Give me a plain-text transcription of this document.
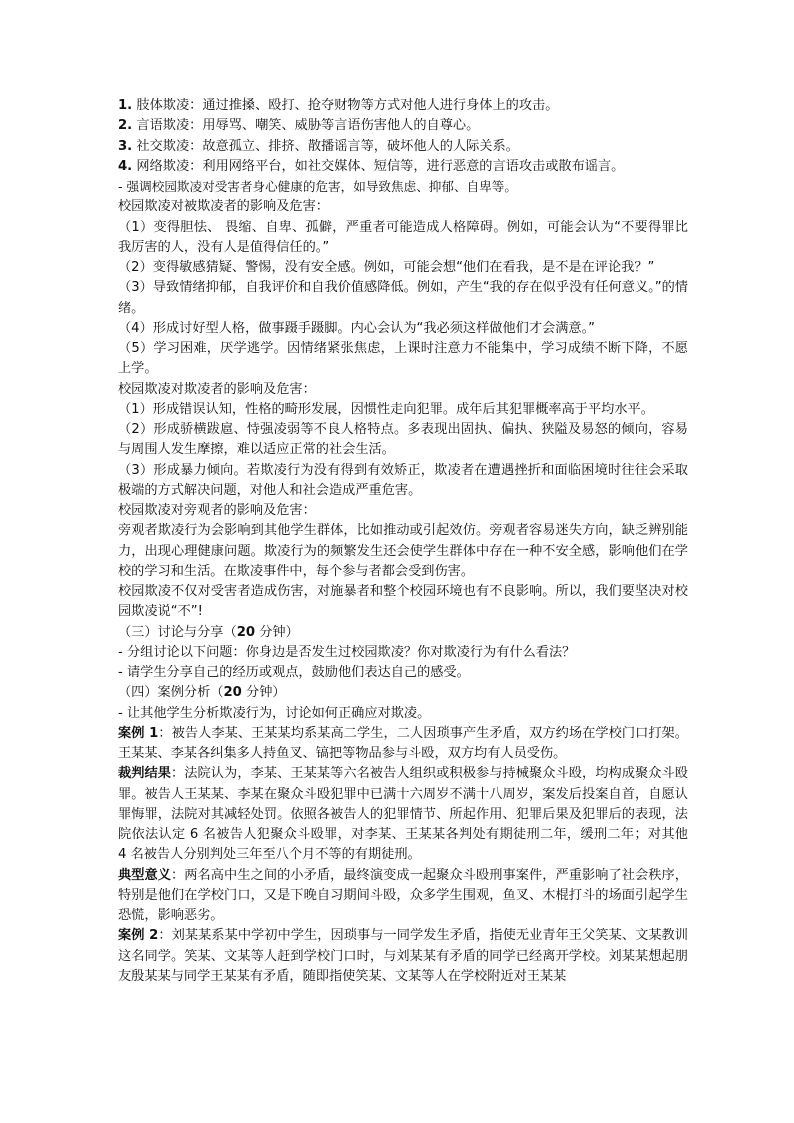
1. 肢体欺凌：通过推搡、殴打、抢夺财物等方式对他人进行身体上的攻击。

2. 言语欺凌：用辱骂、嘲笑、威胁等言语伤害他人的自尊心。

3. 社交欺凌：故意孤立、排挤、散播谣言等，破坏他人的人际关系。

4. 网络欺凌：利用网络平台，如社交媒体、短信等，进行恶意的言语攻击或散布谣言。

- 强调校园欺凌对受害者身心健康的危害，如导致焦虑、抑郁、自卑等。

校园欺凌对被欺凌者的影响及危害：

（1）变得胆怯、 畏缩、自卑、孤僻，严重者可能造成人格障碍。例如，可能会认为“不要得罪比我厉害的人，没有人是值得信任的。”

（2）变得敏感猜疑、警惕，没有安全感。例如，可能会想“他们在看我，是不是在评论我？”

（3）导致情绪抑郁，自我评价和自我价值感降低。例如，产生“我的存在似乎没有任何意义。”的情绪。

（4）形成讨好型人格，做事蹑手蹑脚。内心会认为“我必须这样做他们才会满意。”

（5）学习困难，厌学逃学。因情绪紧张焦虑，上课时注意力不能集中，学习成绩不断下降，不愿上学。

校园欺凌对欺凌者的影响及危害：

（1）形成错误认知，性格的畸形发展，因惯性走向犯罪。成年后其犯罪概率高于平均水平。

（2）形成骄横跋扈、恃强凌弱等不良人格特点。多表现出固执、偏执、狭隘及易怒的倾向，容易与周围人发生摩擦，难以适应正常的社会生活。

（3）形成暴力倾向。若欺凌行为没有得到有效矫正，欺凌者在遭遇挫折和面临困境时往往会采取极端的方式解决问题，对他人和社会造成严重危害。

校园欺凌对旁观者的影响及危害：

旁观者欺凌行为会影响到其他学生群体，比如推动或引起效仿。旁观者容易迷失方向，缺乏辨别能力，出现心理健康问题。欺凌行为的频繁发生还会使学生群体中存在一种不安全感，影响他们在学校的学习和生活。在欺凌事件中，每个参与者都会受到伤害。

校园欺凌不仅对受害者造成伤害，对施暴者和整个校园环境也有不良影响。所以，我们要坚决对校园欺凌说“不”!

（三）讨论与分享（20 分钟）

- 分组讨论以下问题：你身边是否发生过校园欺凌？你对欺凌行为有什么看法？

- 请学生分享自己的经历或观点，鼓励他们表达自己的感受。

（四）案例分析（20 分钟）

- 让其他学生分析欺凌行为，讨论如何正确应对欺凌。

案例 1：被告人李某、王某某均系某高二学生，二人因琐事产生矛盾，双方约场在学校门口打架。王某某、李某各纠集多人持鱼叉、镐把等物品参与斗殴，双方均有人员受伤。

裁判结果：法院认为，李某、王某某等六名被告人组织或积极参与持械聚众斗殴，均构成聚众斗殴罪。被告人王某某、李某在聚众斗殴犯罪中已满十六周岁不满十八周岁，案发后投案自首，自愿认罪悔罪，法院对其减轻处罚。依照各被告人的犯罪情节、所起作用、犯罪后果及犯罪后的表现，法院依法认定 6 名被告人犯聚众斗殴罪，对李某、王某某各判处有期徒刑二年，缓刑二年；对其他 4 名被告人分别判处三年至八个月不等的有期徒刑。

典型意义：两名高中生之间的小矛盾，最终演变成一起聚众斗殴刑事案件，严重影响了社会秩序，特别是他们在学校门口，又是下晚自习期间斗殴，众多学生围观，鱼叉、木棍打斗的场面引起学生恐慌，影响恶劣。

案例 2：刘某某系某中学初中学生，因琐事与一同学发生矛盾，指使无业青年王父笑某、文某教训这名同学。笑某、文某等人赶到学校门口时，与刘某某有矛盾的同学已经离开学校。刘某某想起朋友殷某某与同学王某某有矛盾，随即指使笑某、文某等人在学校附近对王某某
